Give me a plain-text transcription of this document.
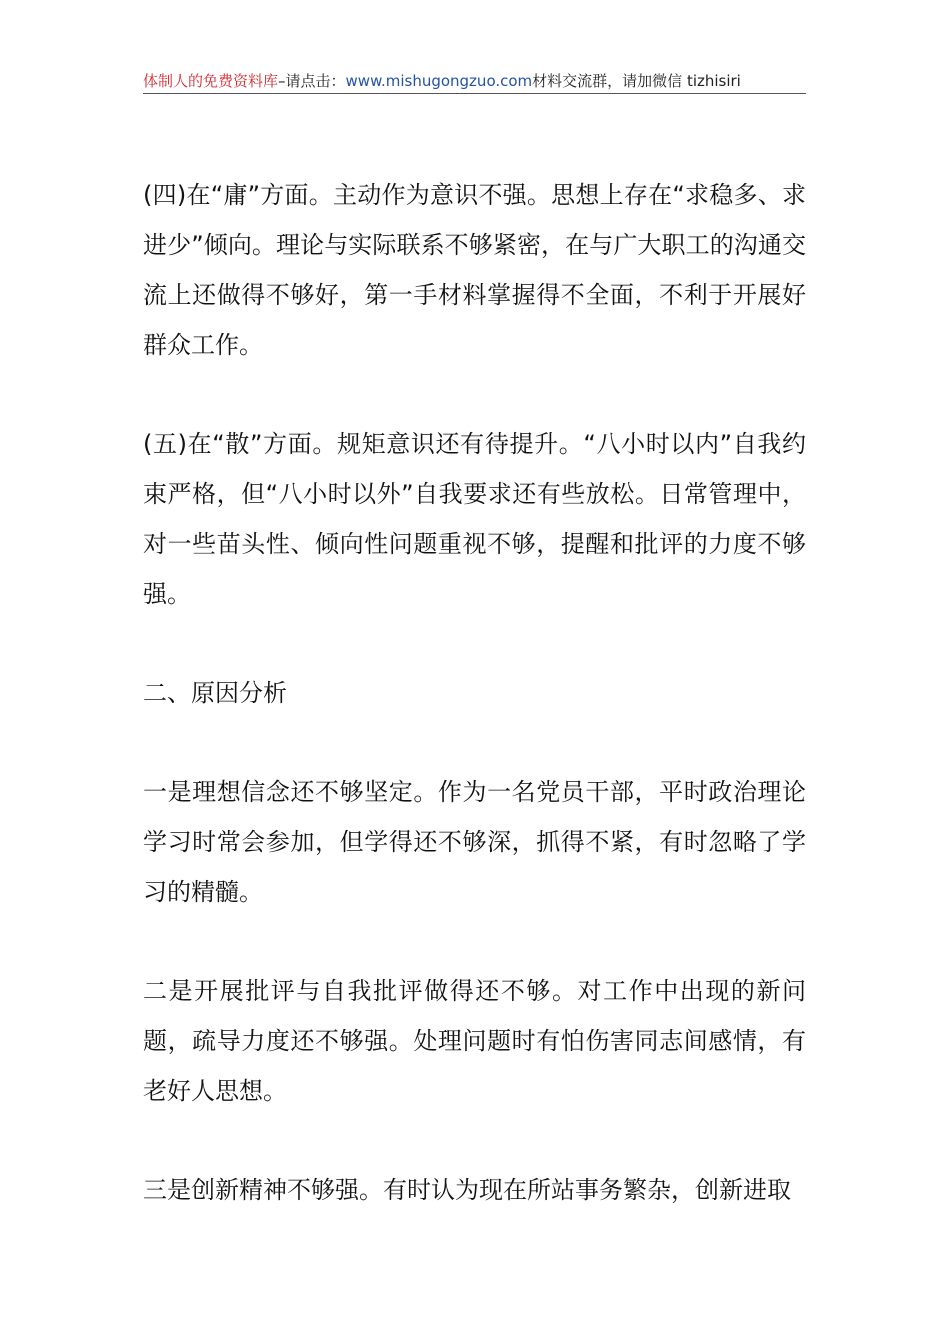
体制人的免费资料库–请点击：www.mishugongzuo.com材料交流群，请加微信 tizhisiri

(四)在“庸”方面。主动作为意识不强。思想上存在“求稳多、求进少”倾向。理论与实际联系不够紧密，在与广大职工的沟通交流上还做得不够好，第一手材料掌握得不全面，不利于开展好群众工作。

(五)在“散”方面。规矩意识还有待提升。“八小时以内”自我约束严格，但“八小时以外”自我要求还有些放松。日常管理中，对一些苗头性、倾向性问题重视不够，提醒和批评的力度不够强。

二、原因分析

一是理想信念还不够坚定。作为一名党员干部，平时政治理论学习时常会参加，但学得还不够深，抓得不紧，有时忽略了学习的精髓。

二是开展批评与自我批评做得还不够。对工作中出现的新问题，疏导力度还不够强。处理问题时有怕伤害同志间感情，有老好人思想。

三是创新精神不够强。有时认为现在所站事务繁杂，创新进取
